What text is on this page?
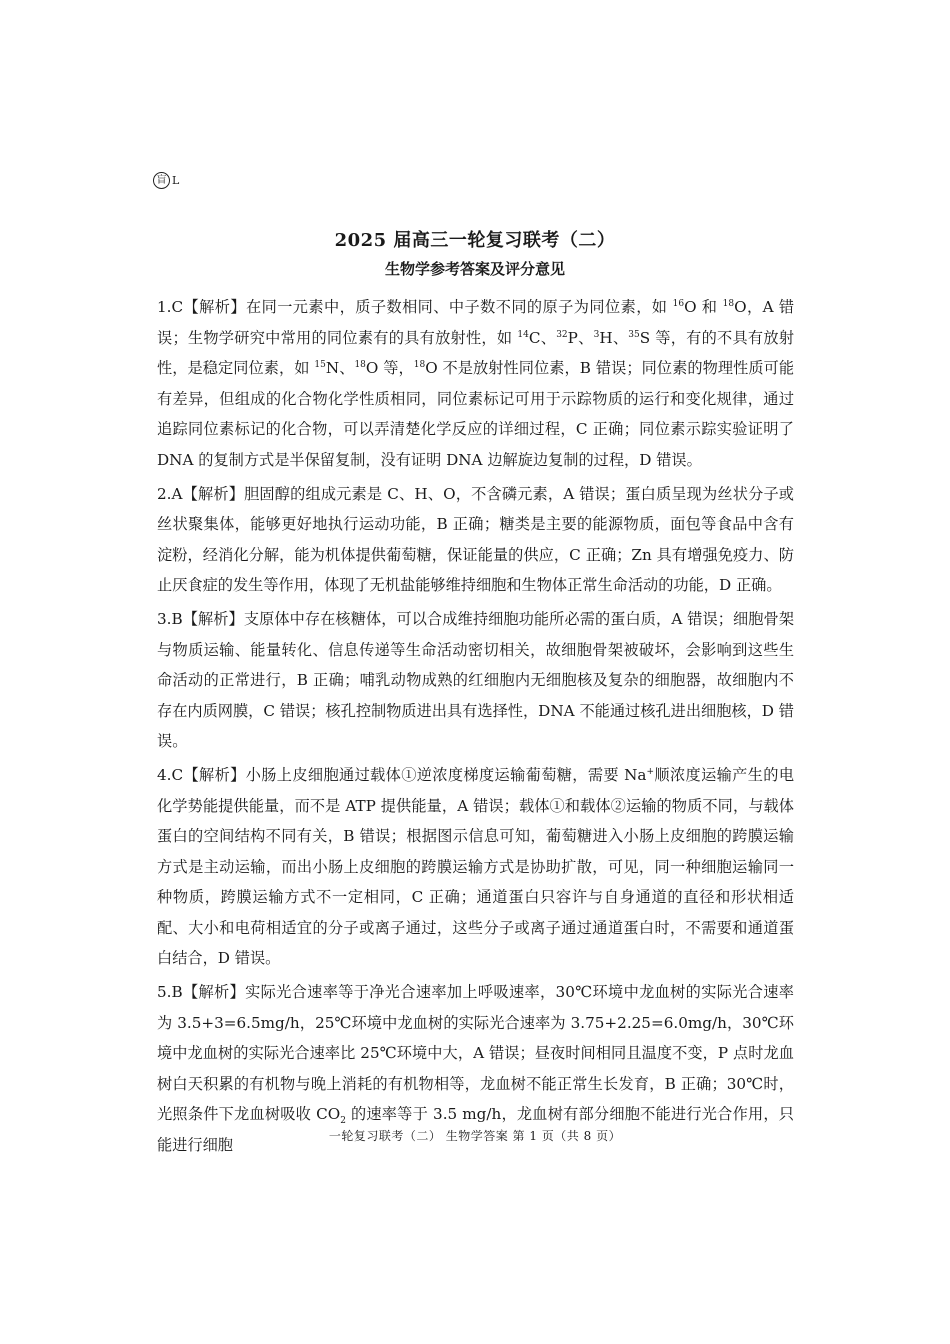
盲 L
2025 届高三一轮复习联考（二）
生物学参考答案及评分意见

1.C【解析】在同一元素中，质子数相同、中子数不同的原子为同位素，如 $^{16}$O 和 $^{18}$O，A 错误；生物学研究中常用的同位素有的具有放射性，如 $^{14}$C、$^{32}$P、$^3$H、$^{35}$S 等，有的不具有放射性，是稳定同位素，如 $^{15}$N、$^{18}$O 等，$^{18}$O 不是放射性同位素，B 错误；同位素的物理性质可能有差异，但组成的化合物化学性质相同，同位素标记可用于示踪物质的运行和变化规律，通过追踪同位素标记的化合物，可以弄清楚化学反应的详细过程，C 正确；同位素示踪实验证明了 DNA 的复制方式是半保留复制，没有证明 DNA 边解旋边复制的过程，D 错误。

2.A【解析】胆固醇的组成元素是 C、H、O，不含磷元素，A 错误；蛋白质呈现为丝状分子或丝状聚集体，能够更好地执行运动功能，B 正确；糖类是主要的能源物质，面包等食品中含有淀粉，经消化分解，能为机体提供葡萄糖，保证能量的供应，C 正确；Zn 具有增强免疫力、防止厌食症的发生等作用，体现了无机盐能够维持细胞和生物体正常生命活动的功能，D 正确。

3.B【解析】支原体中存在核糖体，可以合成维持细胞功能所必需的蛋白质，A 错误；细胞骨架与物质运输、能量转化、信息传递等生命活动密切相关，故细胞骨架被破坏，会影响到这些生命活动的正常进行，B 正确；哺乳动物成熟的红细胞内无细胞核及复杂的细胞器，故细胞内不存在内质网膜，C 错误；核孔控制物质进出具有选择性，DNA 不能通过核孔进出细胞核，D 错误。

4.C【解析】小肠上皮细胞通过载体①逆浓度梯度运输葡萄糖，需要 Na+顺浓度运输产生的电化学势能提供能量，而不是 ATP 提供能量，A 错误；载体①和载体②运输的物质不同，与载体蛋白的空间结构不同有关，B 错误；根据图示信息可知，葡萄糖进入小肠上皮细胞的跨膜运输方式是主动运输，而出小肠上皮细胞的跨膜运输方式是协助扩散，可见，同一种细胞运输同一种物质，跨膜运输方式不一定相同，C 正确；通道蛋白只容许与自身通道的直径和形状相适配、大小和电荷相适宜的分子或离子通过，这些分子或离子通过通道蛋白时，不需要和通道蛋白结合，D 错误。

5.B【解析】实际光合速率等于净光合速率加上呼吸速率，30℃环境中龙血树的实际光合速率为 3.5+3=6.5mg/h，25℃环境中龙血树的实际光合速率为 3.75+2.25=6.0mg/h，30℃环境中龙血树的实际光合速率比 25℃环境中大，A 错误；昼夜时间相同且温度不变，P 点时龙血树白天积累的有机物与晚上消耗的有机物相等，龙血树不能正常生长发育，B 正确；30℃时，光照条件下龙血树吸收 $CO_2$ 的速率等于 3.5 mg/h，龙血树有部分细胞不能进行光合作用，只能进行细胞

一轮复习联考（二） 生物学答案 第 1 页（共 8 页）
